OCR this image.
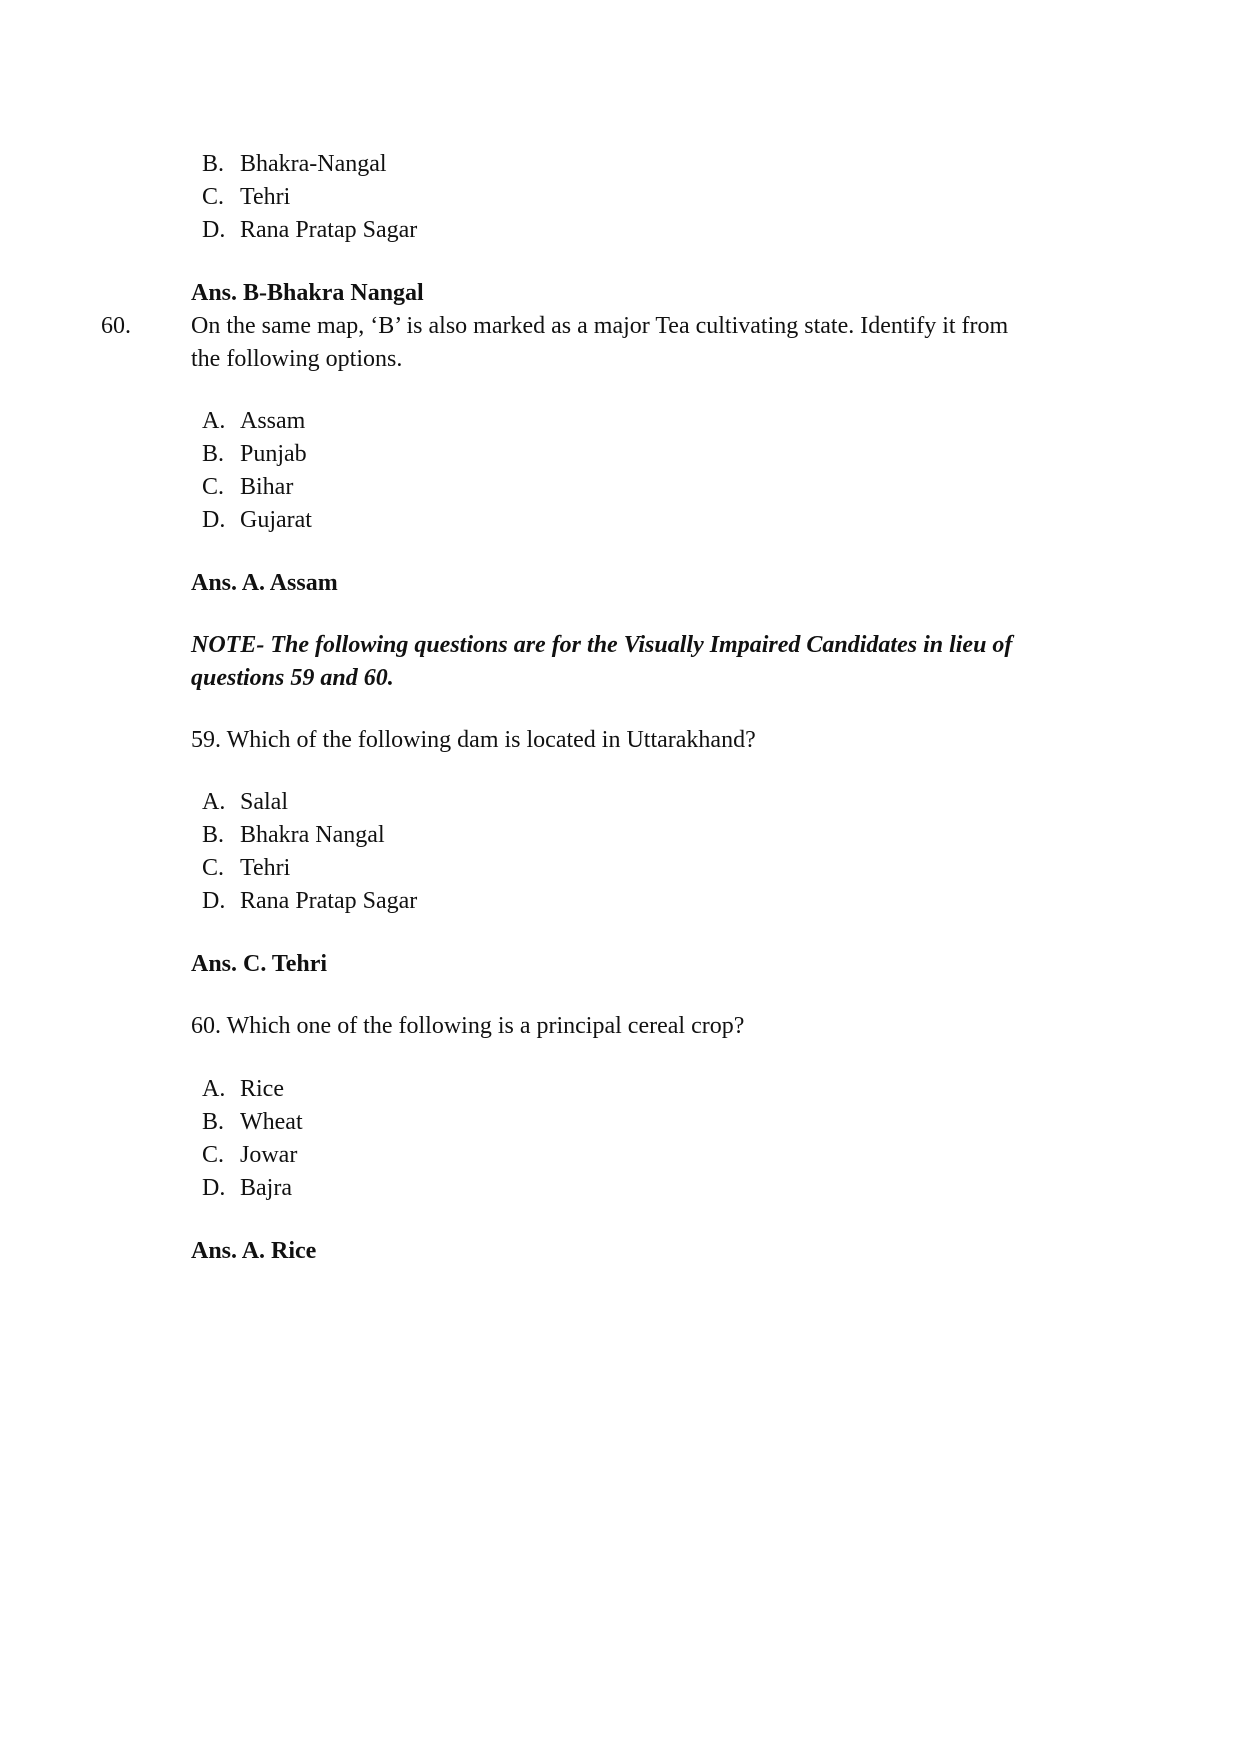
B. Bhakra-Nangal
C. Tehri
D. Rana Pratap Sagar
Ans. B-Bhakra Nangal
60.	On the same map, ‘B’ is also marked as a major Tea cultivating state. Identify it from
the following options.
A. Assam
B. Punjab
C. Bihar
D. Gujarat
Ans. A. Assam
NOTE- The following questions are for the Visually Impaired Candidates in lieu of
questions 59 and 60.
59. Which of the following dam is located in Uttarakhand?
A. Salal
B. Bhakra Nangal
C. Tehri
D. Rana Pratap Sagar
Ans. C. Tehri
60. Which one of the following is a principal cereal crop?
A. Rice
B. Wheat
C. Jowar
D. Bajra
Ans. A. Rice
